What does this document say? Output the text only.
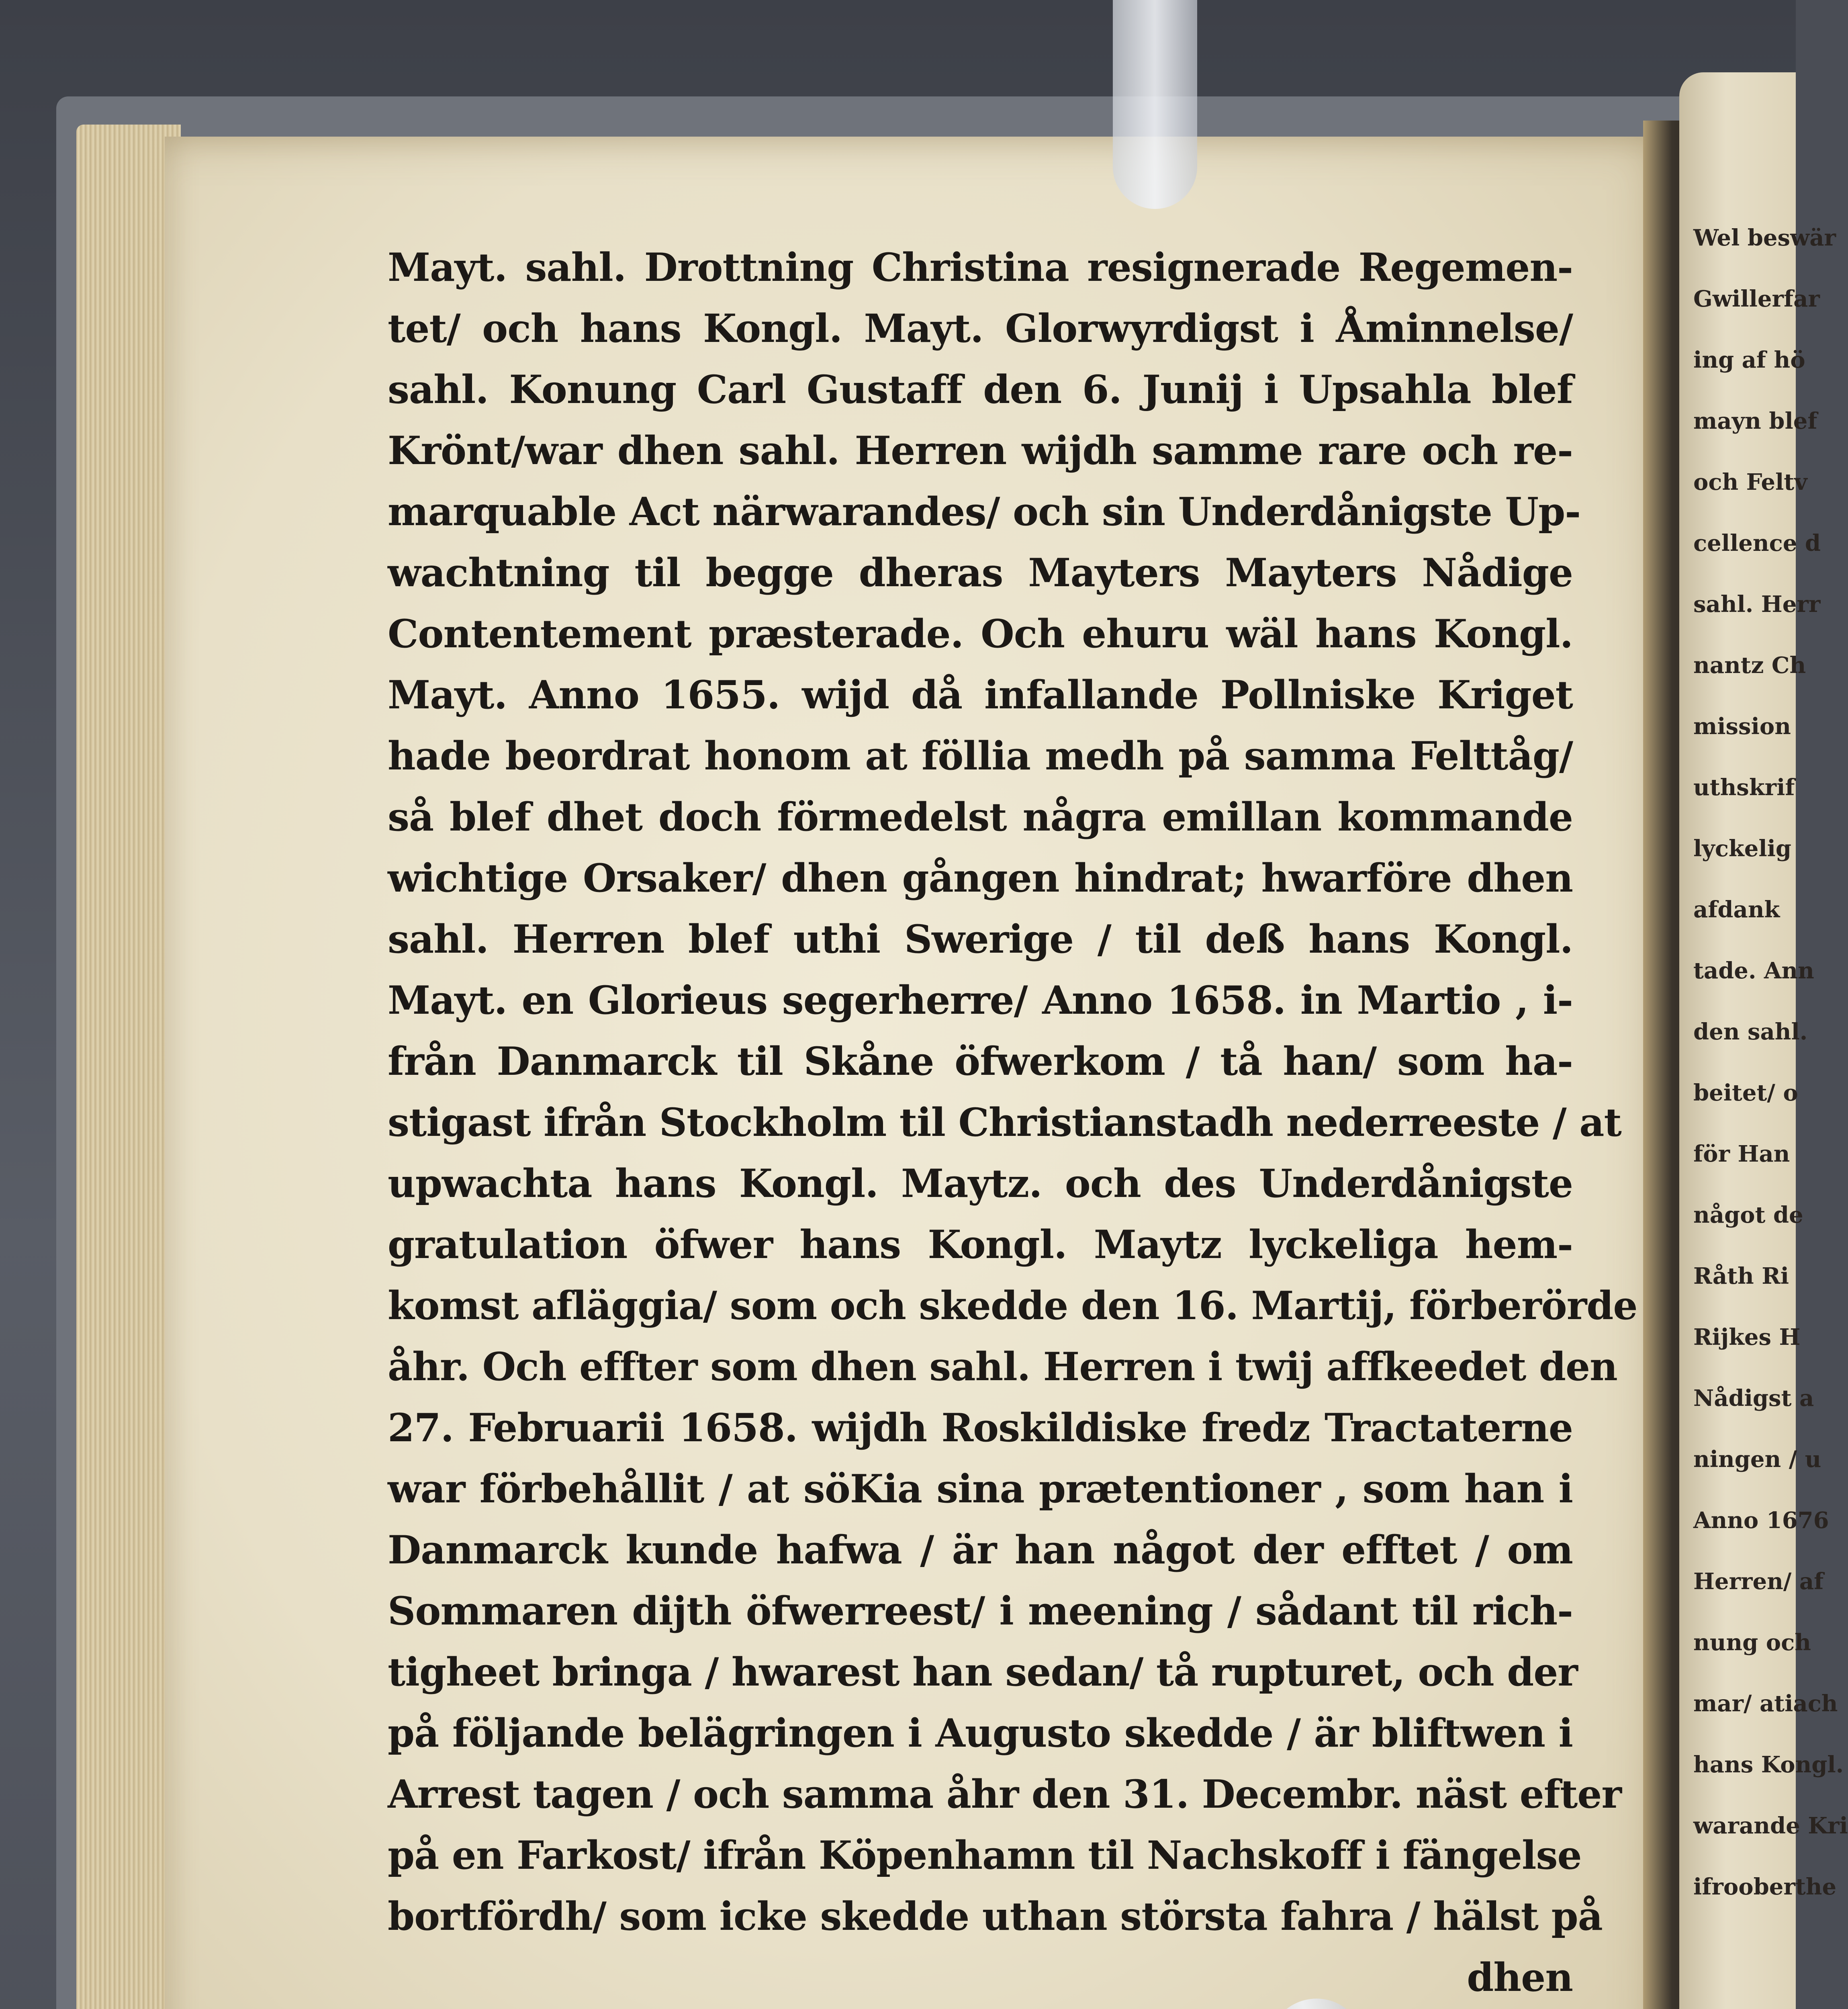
Mayt. sahl. Drottning Christina resignerade Regemen-
tet/ och hans Kongl. Mayt. Glorwyrdigst i Åminnelse/
sahl. Konung Carl Gustaff den 6. Junij i Upsahla blef
Krönt/war dhen sahl. Herren wijdh samme rare och re-
marquable Act närwarandes/ och sin Underdånigste Up-
wachtning til begge dheras Mayters Mayters Nådige
Contentement præsterade. Och ehuru wäl hans Kongl.
Mayt. Anno 1655. wijd då infallande Pollniske Kriget
hade beordrat honom at föllia medh på samma Felttåg/
så blef dhet doch förmedelst några emillan kommande
wichtige Orsaker/ dhen gången hindrat; hwarföre dhen
sahl. Herren blef uthi Swerige / til deß hans Kongl.
Mayt. en Glorieus segerherre/ Anno 1658. in Martio , i-
från Danmarck til Skåne öfwerkom / tå han/ som ha-
stigast ifrån Stockholm til Christianstadh nederreeste / at
upwachta hans Kongl. Maytz. och des Underdånigste
gratulation öfwer hans Kongl. Maytz lyckeliga hem-
komst afläggia/ som och skedde den 16. Martij, förberörde
åhr. Och effter som dhen sahl. Herren i twij affkeedet den
27. Februarii 1658. wijdh Roskildiske fredz Tractaterne
war förbehållit / at söKia sina prætentioner , som han i
Danmarck kunde hafwa / är han något der efftet / om
Sommaren dijth öfwerreest/ i meening / sådant til rich-
tigheet bringa / hwarest han sedan/ tå rupturet, och der
på följande belägringen i Augusto skedde / är bliftwen i
Arrest tagen / och samma åhr den 31. Decembr. näst efter
på en Farkost/ ifrån Köpenhamn til Nachskoff i fängelse
bortfördh/ som icke skedde uthan största fahra / hälst på
dhen
Wel beswär
Gwillerfar
ing af hö
mayn blef
och Feltv
cellence d
sahl. Herr
nantz Ch
mission
uthskrif
lyckelig
afdank
tade. Ann
den sahl.
beitet/ o
för Han
något de
Råth Ri
Rijkes H
Nådigst a
ningen / u
Anno 1676
Herren/ af
nung och
mar/ atiach
hans Kongl.
warande Kri
ifrooberthe
